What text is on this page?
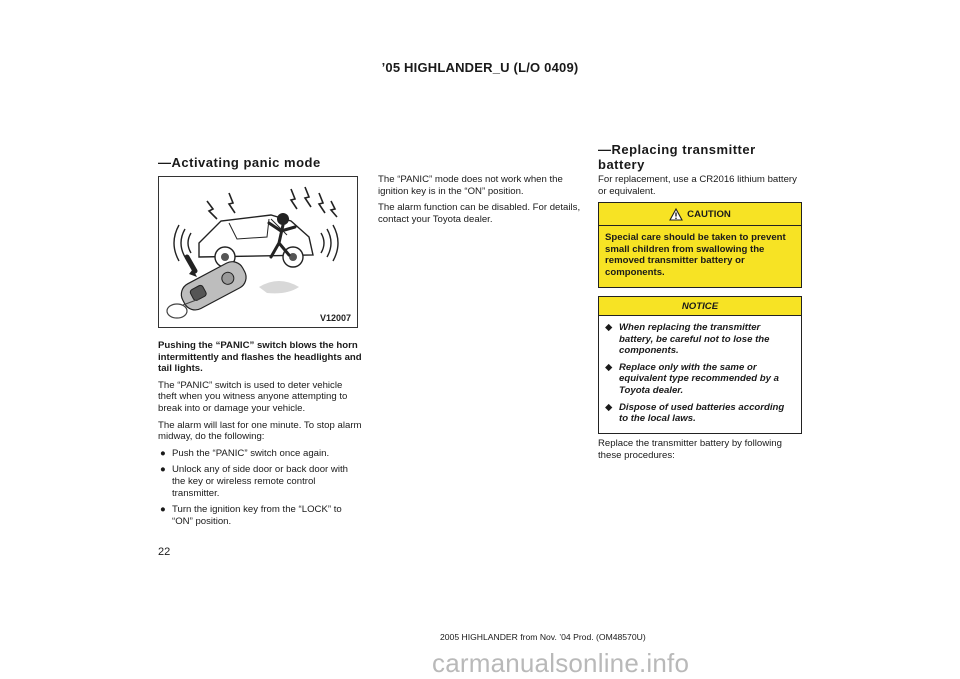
’05 HIGHLANDER_U (L/O 0409)
—Activating panic mode
V12007

Pushing the “PANIC” switch blows the horn intermittently and flashes the headlights and tail lights.

The “PANIC” switch is used to deter vehicle theft when you witness anyone attempting to break into or damage your vehicle.

The alarm will last for one minute. To stop alarm midway, do the following:

● Push the “PANIC” switch once again.
● Unlock any of side door or back door with the key or wireless remote control transmitter.
● Turn the ignition key from the “LOCK” to “ON” position.
22

The “PANIC” mode does not work when the ignition key is in the “ON” position.

The alarm function can be disabled. For details, contact your Toyota dealer.

—Replacing transmitter
battery

For replacement, use a CR2016 lithium battery or equivalent.

CAUTION
Special care should be taken to prevent small children from swallowing the removed transmitter battery or components.
NOTICE
◆ When replacing the transmitter battery, be careful not to lose the components.
◆ Replace only with the same or equivalent type recommended by a Toyota dealer.
◆ Dispose of used batteries according to the local laws.

Replace the transmitter battery by following these procedures:

2005 HIGHLANDER from Nov. ’04 Prod. (OM48570U)
carmanualsonline.info
